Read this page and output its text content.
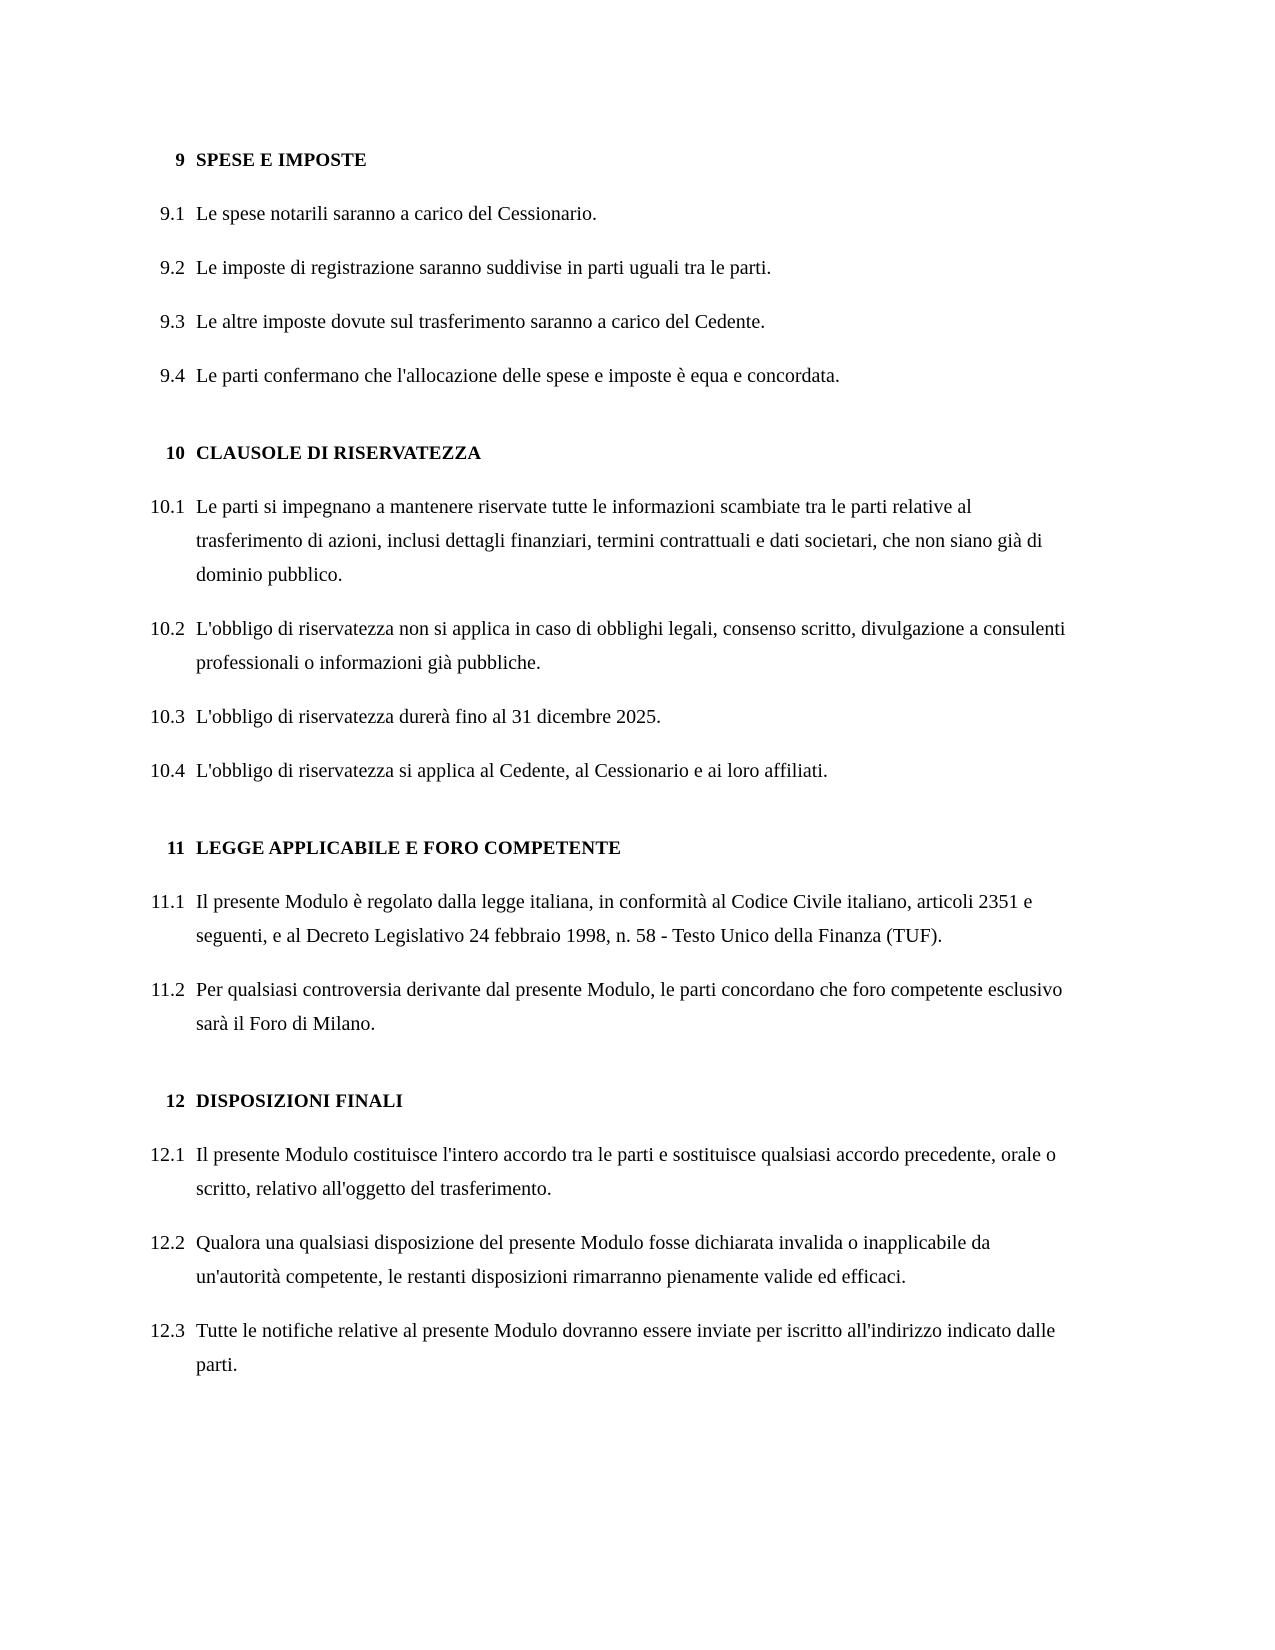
9 SPESE E IMPOSTE
9.1 Le spese notarili saranno a carico del Cessionario.
9.2 Le imposte di registrazione saranno suddivise in parti uguali tra le parti.
9.3 Le altre imposte dovute sul trasferimento saranno a carico del Cedente.
9.4 Le parti confermano che l'allocazione delle spese e imposte è equa e concordata.
10 CLAUSOLE DI RISERVATEZZA
10.1 Le parti si impegnano a mantenere riservate tutte le informazioni scambiate tra le parti relative al trasferimento di azioni, inclusi dettagli finanziari, termini contrattuali e dati societari, che non siano già di dominio pubblico.
10.2 L'obbligo di riservatezza non si applica in caso di obblighi legali, consenso scritto, divulgazione a consulenti professionali o informazioni già pubbliche.
10.3 L'obbligo di riservatezza durerà fino al 31 dicembre 2025.
10.4 L'obbligo di riservatezza si applica al Cedente, al Cessionario e ai loro affiliati.
11 LEGGE APPLICABILE E FORO COMPETENTE
11.1 Il presente Modulo è regolato dalla legge italiana, in conformità al Codice Civile italiano, articoli 2351 e seguenti, e al Decreto Legislativo 24 febbraio 1998, n. 58 - Testo Unico della Finanza (TUF).
11.2 Per qualsiasi controversia derivante dal presente Modulo, le parti concordano che foro competente esclusivo sarà il Foro di Milano.
12 DISPOSIZIONI FINALI
12.1 Il presente Modulo costituisce l'intero accordo tra le parti e sostituisce qualsiasi accordo precedente, orale o scritto, relativo all'oggetto del trasferimento.
12.2 Qualora una qualsiasi disposizione del presente Modulo fosse dichiarata invalida o inapplicabile da un'autorità competente, le restanti disposizioni rimarranno pienamente valide ed efficaci.
12.3 Tutte le notifiche relative al presente Modulo dovranno essere inviate per iscritto all'indirizzo indicato dalle parti.
